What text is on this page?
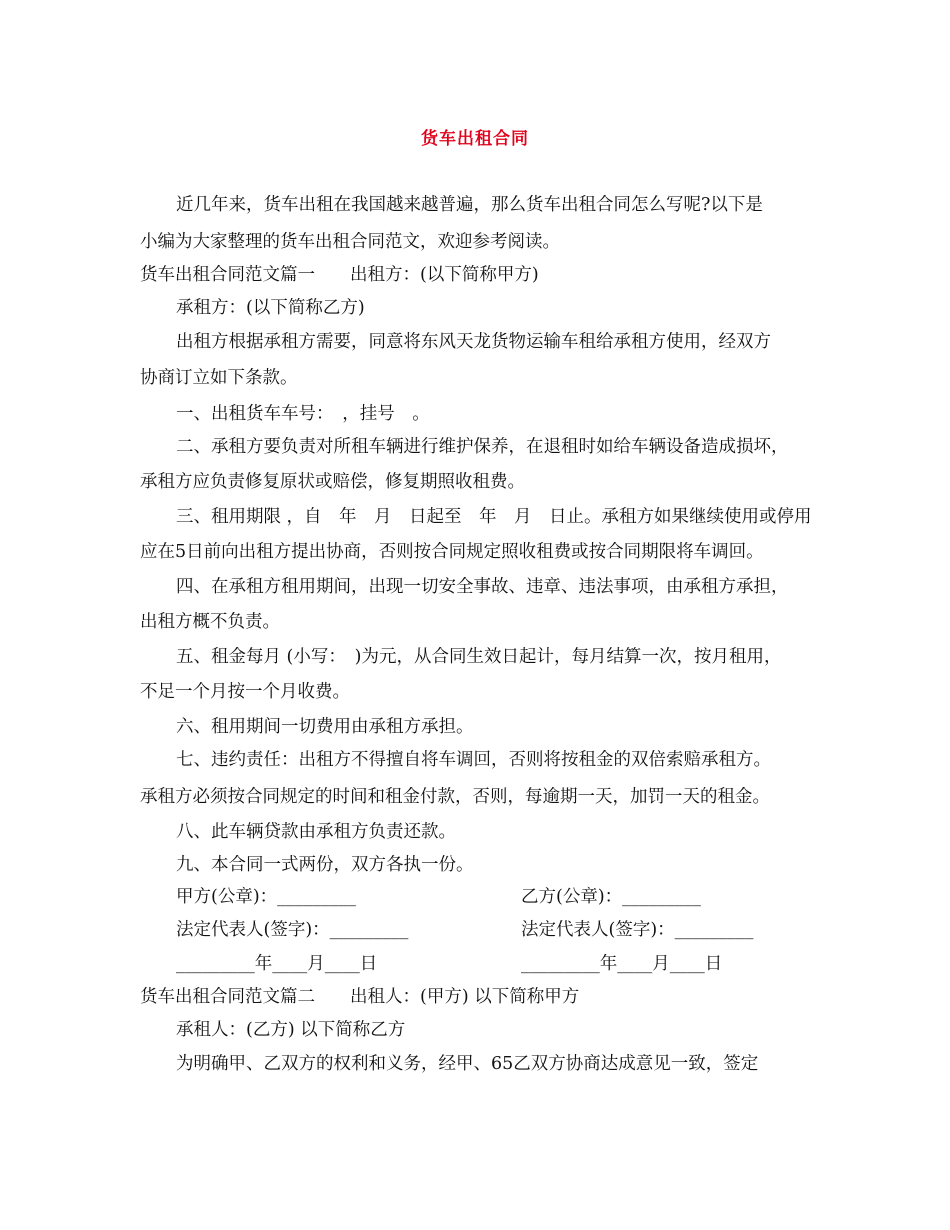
货车出租合同
近几年来，货车出租在我国越来越普遍，那么货车出租合同怎么写呢?以下是
小编为大家整理的货车出租合同范文，欢迎参考阅读。
货车出租合同范文篇一　　出租方：(以下简称甲方)
承租方：(以下简称乙方)
出租方根据承租方需要，同意将东风天龙货物运输车租给承租方使用，经双方
协商订立如下条款。
一、出租货车车号：　，挂号　。
二、承租方要负责对所租车辆进行维护保养，在退租时如给车辆设备造成损坏，
承租方应负责修复原状或赔偿，修复期照收租费。
三、租用期限 ，自　年　月　日起至　年　月　日止。承租方如果继续使用或停用
应在5日前向出租方提出协商，否则按合同规定照收租费或按合同期限将车调回。
四、在承租方租用期间，出现一切安全事故、违章、违法事项，由承租方承担，
出租方概不负责。
五、租金每月 (小写：　)为元，从合同生效日起计，每月结算一次，按月租用，
不足一个月按一个月收费。
六、租用期间一切费用由承租方承担。
七、违约责任：出租方不得擅自将车调回，否则将按租金的双倍索赔承租方。
承租方必须按合同规定的时间和租金付款，否则，每逾期一天，加罚一天的租金。
八、此车辆贷款由承租方负责还款。
九、本合同一式两份，双方各执一份。
甲方(公章)：_________	乙方(公章)：_________
法定代表人(签字)：_________	法定代表人(签字)：_________
_________年____月____日	_________年____月____日
货车出租合同范文篇二　　出租人：(甲方) 以下简称甲方
承租人：(乙方) 以下简称乙方
为明确甲、乙双方的权利和义务，经甲、65乙双方协商达成意见一致，签定
